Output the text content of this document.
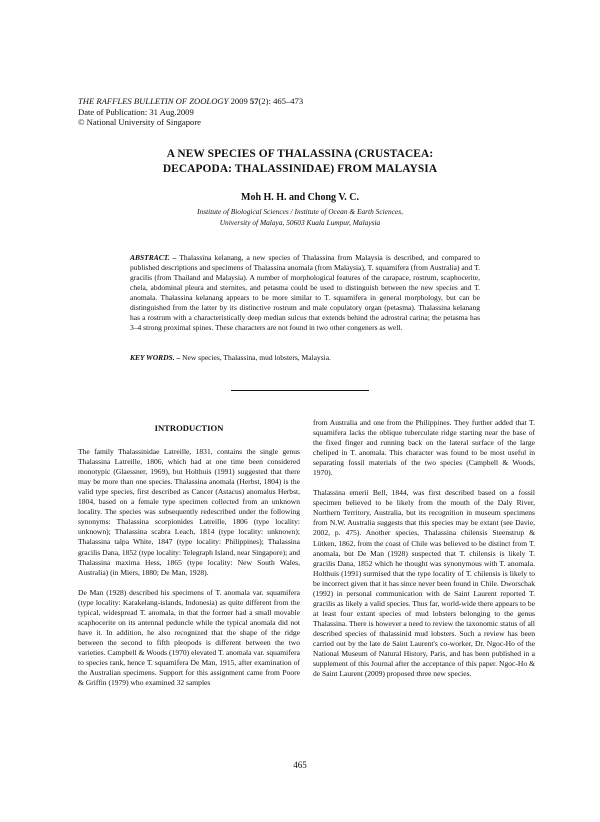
THE RAFFLES BULLETIN OF ZOOLOGY 2009 57(2): 465–473
Date of Publication: 31 Aug.2009
© National University of Singapore
A NEW SPECIES OF THALASSINA (CRUSTACEA:
DECAPODA: THALASSINIDAE) FROM MALAYSIA
Moh H. H. and Chong V. C.
Institute of Biological Sciences / Institute of Ocean & Earth Sciences,
University of Malaya, 50603 Kuala Lumpur, Malaysia
ABSTRACT. – Thalassina kelanang, a new species of Thalassina from Malaysia is described, and compared to published descriptions and specimens of Thalassina anomala (from Malaysia), T. squamifera (from Australia) and T. gracilis (from Thailand and Malaysia). A number of morphological features of the carapace, rostrum, scaphocerite, chela, abdominal pleura and sternites, and petasma could be used to distinguish between the new species and T. anomala. Thalassina kelanang appears to be more similar to T. squamifera in general morphology, but can be distinguished from the latter by its distinctive rostrum and male copulatory organ (petasma). Thalassina kelanang has a rostrum with a characteristically deep median sulcus that extends behind the adrostral carina; the petasma has 3–4 strong proximal spines. These characters are not found in two other congeners as well.
KEY WORDS. – New species, Thalassina, mud lobsters, Malaysia.
INTRODUCTION

The family Thalassinidae Latreille, 1831, contains the single genus Thalassina Latreille, 1806, which had at one time been considered monotypic (Glaessner, 1969), but Holthuis (1991) suggested that there may be more than one species. Thalassina anomala (Herbst, 1804) is the valid type species, first described as Cancer (Astacus) anomalus Herbst, 1804, based on a female type specimen collected from an unknown locality. The species was subsequently redescribed under the following synonyms: Thalassina scorpionides Latreille, 1806 (type locality: unknown); Thalassina scabra Leach, 1814 (type locality: unknown); Thalassina talpa White, 1847 (type locality: Philippines); Thalassina gracilis Dana, 1852 (type locality: Telegraph Island, near Singapore); and Thalassina maxima Hess, 1865 (type locality: New South Wales, Australia) (in Miers, 1880; De Man, 1928).

De Man (1928) described his specimens of T. anomala var. squamifera (type locality: Karakelang-islands, Indonesia) as quite different from the typical, widespread T. anomala, in that the former had a small movable scaphocerite on its antennal peduncle while the typical anomala did not have it. In addition, he also recognized that the shape of the ridge between the second to fifth pleopods is different between the two varieties. Campbell & Woods (1970) elevated T. anomala var. squamifera to species rank, hence T. squamifera De Man, 1915, after examination of the Australian specimens. Support for this assignment came from Poore & Griffin (1979) who examined 32 samples

from Australia and one from the Philippines. They further added that T. squamifera lacks the oblique tuberculate ridge starting near the base of the fixed finger and running back on the lateral surface of the large cheliped in T. anomala. This character was found to be most useful in separating fossil materials of the two species (Campbell & Woods, 1970).

Thalassina emerii Bell, 1844, was first described based on a fossil specimen believed to be likely from the mouth of the Daly River, Northern Territory, Australia, but its recognition in museum specimens from N.W. Australia suggests that this species may be extant (see Davie, 2002, p. 475). Another species, Thalassina chilensis Steenstrup & Lütken, 1862, from the coast of Chile was believed to be distinct from T. anomala, but De Man (1928) suspected that T. chilensis is likely T. gracilis Dana, 1852 which he thought was synonymous with T. anomala. Holthuis (1991) surmised that the type locality of T. chilensis is likely to be incorrect given that it has since never been found in Chile. Dworschak (1992) in personal communication with de Saint Laurent reported T. gracilis as likely a valid species. Thus far, world-wide there appears to be at least four extant species of mud lobsters belonging to the genus Thalassina. There is however a need to review the taxonomic status of all described species of thalassinid mud lobsters. Such a review has been carried out by the late de Saint Laurent's co-worker, Dr. Ngoc-Ho of the National Museum of Natural History, Paris, and has been published in a supplement of this Journal after the acceptance of this paper. Ngoc-Ho & de Saint Laurent (2009) proposed three new species.

465
